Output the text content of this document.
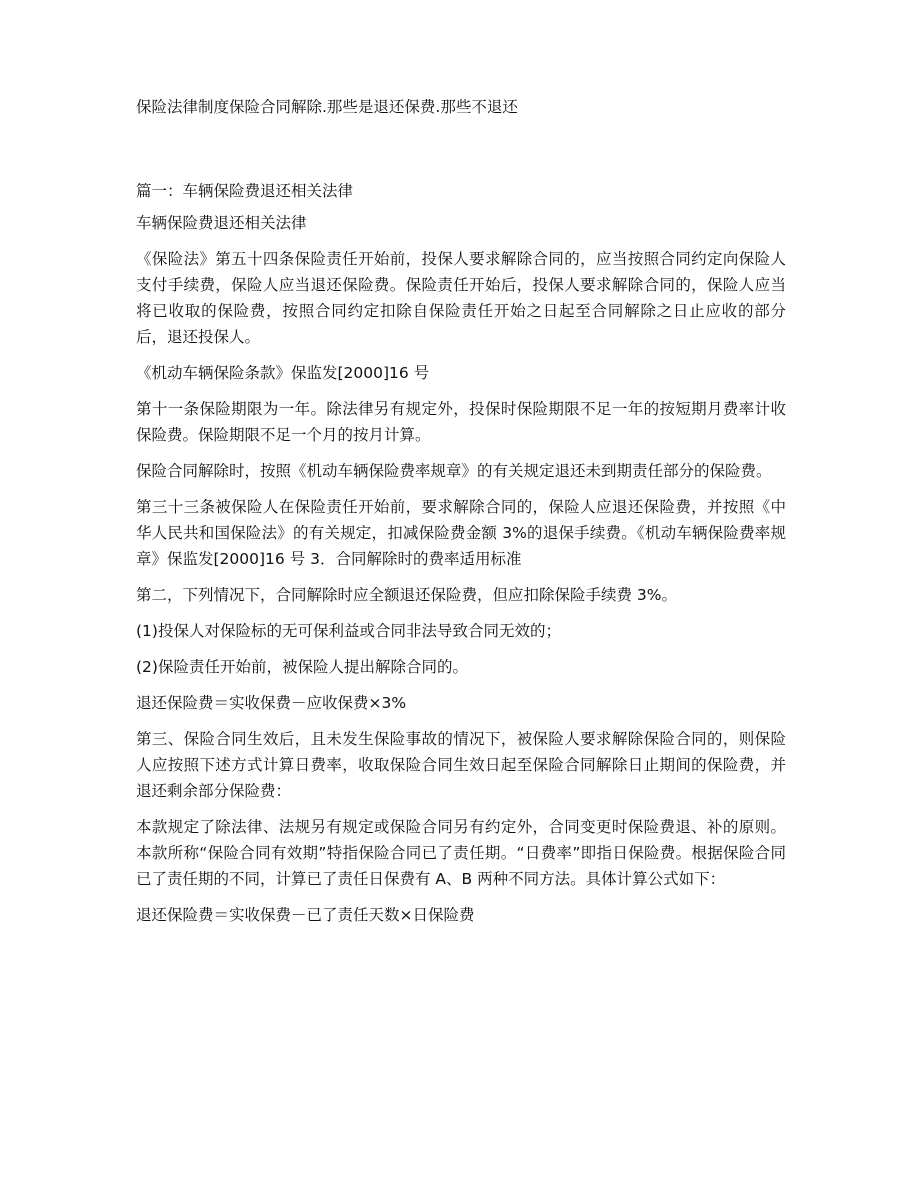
保险法律制度保险合同解除.那些是退还保费.那些不退还
篇一：车辆保险费退还相关法律

车辆保险费退还相关法律

《保险法》第五十四条保险责任开始前，投保人要求解除合同的，应当按照合同约定向保险人支付手续费，保险人应当退还保险费。保险责任开始后，投保人要求解除合同的，保险人应当将已收取的保险费，按照合同约定扣除自保险责任开始之日起至合同解除之日止应收的部分后，退还投保人。

《机动车辆保险条款》保监发[2000]16 号

第十一条保险期限为一年。除法律另有规定外，投保时保险期限不足一年的按短期月费率计收保险费。保险期限不足一个月的按月计算。

保险合同解除时，按照《机动车辆保险费率规章》的有关规定退还未到期责任部分的保险费。

第三十三条被保险人在保险责任开始前，要求解除合同的，保险人应退还保险费，并按照《中华人民共和国保险法》的有关规定，扣减保险费金额 3%的退保手续费。《机动车辆保险费率规章》保监发[2000]16 号 3．合同解除时的费率适用标准

第二，下列情况下，合同解除时应全额退还保险费，但应扣除保险手续费 3%。

(1)投保人对保险标的无可保利益或合同非法导致合同无效的；

(2)保险责任开始前，被保险人提出解除合同的。

退还保险费＝实收保费－应收保费×3%

第三、保险合同生效后，且未发生保险事故的情况下，被保险人要求解除保险合同的，则保险人应按照下述方式计算日费率，收取保险合同生效日起至保险合同解除日止期间的保险费，并退还剩余部分保险费：

本款规定了除法律、法规另有规定或保险合同另有约定外，合同变更时保险费退、补的原则。本款所称“保险合同有效期”特指保险合同已了责任期。“日费率”即指日保险费。根据保险合同已了责任期的不同，计算已了责任日保费有 A、B 两种不同方法。具体计算公式如下：

退还保险费＝实收保费－已了责任天数×日保险费
